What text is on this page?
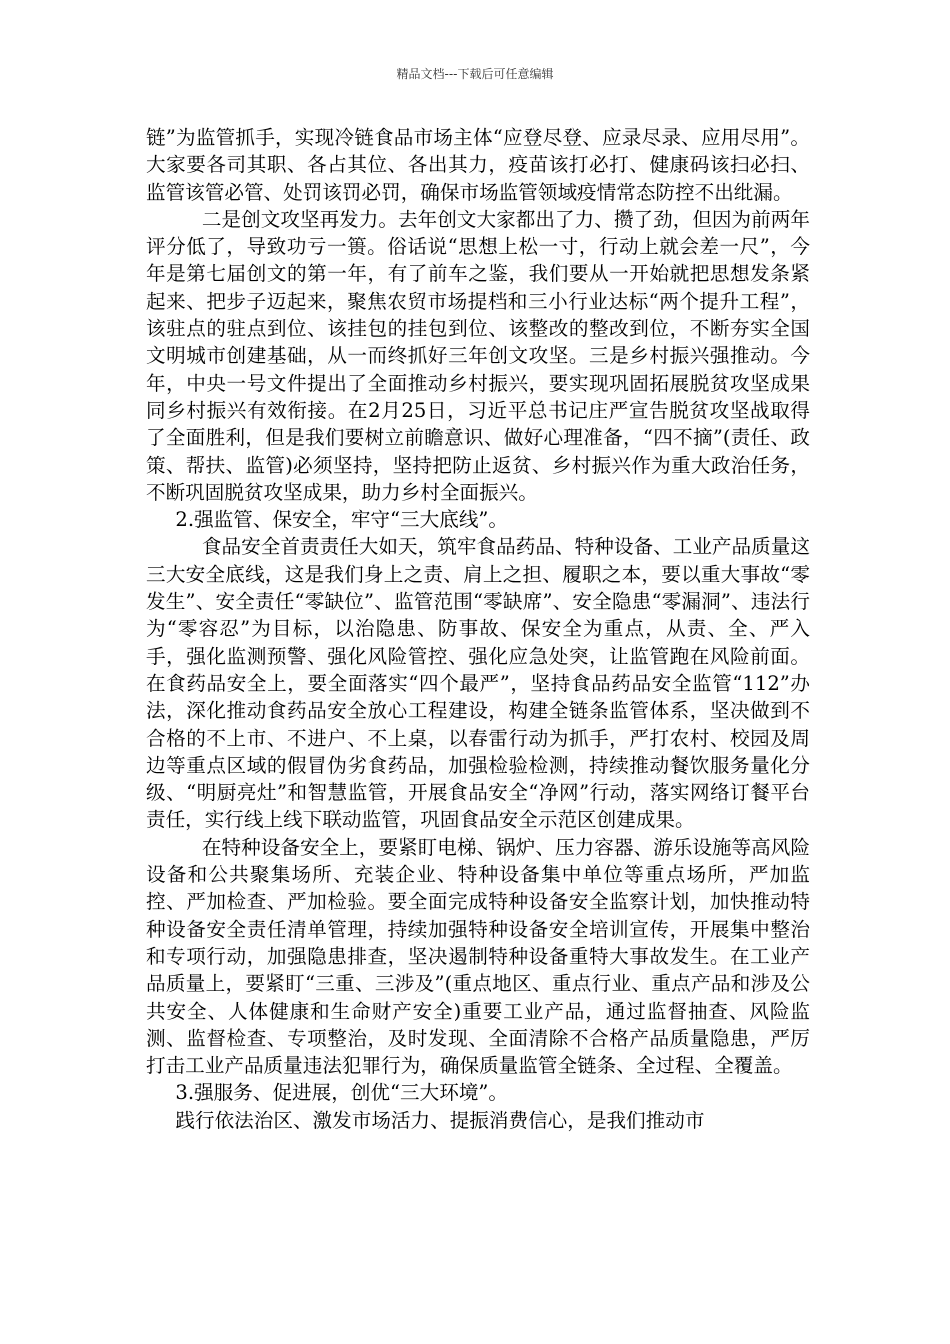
精品文档---下载后可任意编辑

链”为监管抓手，实现冷链食品市场主体“应登尽登、应录尽录、应用尽用”。大家要各司其职、各占其位、各出其力，疫苗该打必打、健康码该扫必扫、监管该管必管、处罚该罚必罚，确保市场监管领域疫情常态防控不出纰漏。

二是创文攻坚再发力。去年创文大家都出了力、攒了劲，但因为前两年评分低了，导致功亏一篑。俗话说“思想上松一寸，行动上就会差一尺”，今年是第七届创文的第一年，有了前车之鉴，我们要从一开始就把思想发条紧起来、把步子迈起来，聚焦农贸市场提档和三小行业达标“两个提升工程”，该驻点的驻点到位、该挂包的挂包到位、该整改的整改到位，不断夯实全国文明城市创建基础，从一而终抓好三年创文攻坚。三是乡村振兴强推动。今年，中央一号文件提出了全面推动乡村振兴，要实现巩固拓展脱贫攻坚成果同乡村振兴有效衔接。在2月25日，习近平总书记庄严宣告脱贫攻坚战取得了全面胜利，但是我们要树立前瞻意识、做好心理准备，“四不摘”(责任、政策、帮扶、监管)必须坚持，坚持把防止返贫、乡村振兴作为重大政治任务，不断巩固脱贫攻坚成果，助力乡村全面振兴。

2.强监管、保安全，牢守“三大底线”。

食品安全首责责任大如天，筑牢食品药品、特种设备、工业产品质量这三大安全底线，这是我们身上之责、肩上之担、履职之本，要以重大事故“零发生”、安全责任“零缺位”、监管范围“零缺席”、安全隐患“零漏洞”、违法行为“零容忍”为目标，以治隐患、防事故、保安全为重点，从责、全、严入手，强化监测预警、强化风险管控、强化应急处突，让监管跑在风险前面。在食药品安全上，要全面落实“四个最严”，坚持食品药品安全监管“112”办法，深化推动食药品安全放心工程建设，构建全链条监管体系，坚决做到不合格的不上市、不进户、不上桌，以春雷行动为抓手，严打农村、校园及周边等重点区域的假冒伪劣食药品，加强检验检测，持续推动餐饮服务量化分级、“明厨亮灶”和智慧监管，开展食品安全“净网”行动，落实网络订餐平台责任，实行线上线下联动监管，巩固食品安全示范区创建成果。

在特种设备安全上，要紧盯电梯、锅炉、压力容器、游乐设施等高风险设备和公共聚集场所、充装企业、特种设备集中单位等重点场所，严加监控、严加检查、严加检验。要全面完成特种设备安全监察计划，加快推动特种设备安全责任清单管理，持续加强特种设备安全培训宣传，开展集中整治和专项行动，加强隐患排查，坚决遏制特种设备重特大事故发生。在工业产品质量上，要紧盯“三重、三涉及”(重点地区、重点行业、重点产品和涉及公共安全、人体健康和生命财产安全)重要工业产品，通过监督抽查、风险监测、监督检查、专项整治，及时发现、全面清除不合格产品质量隐患，严厉打击工业产品质量违法犯罪行为，确保质量监管全链条、全过程、全覆盖。

3.强服务、促进展，创优“三大环境”。

践行依法治区、激发市场活力、提振消费信心，是我们推动市
